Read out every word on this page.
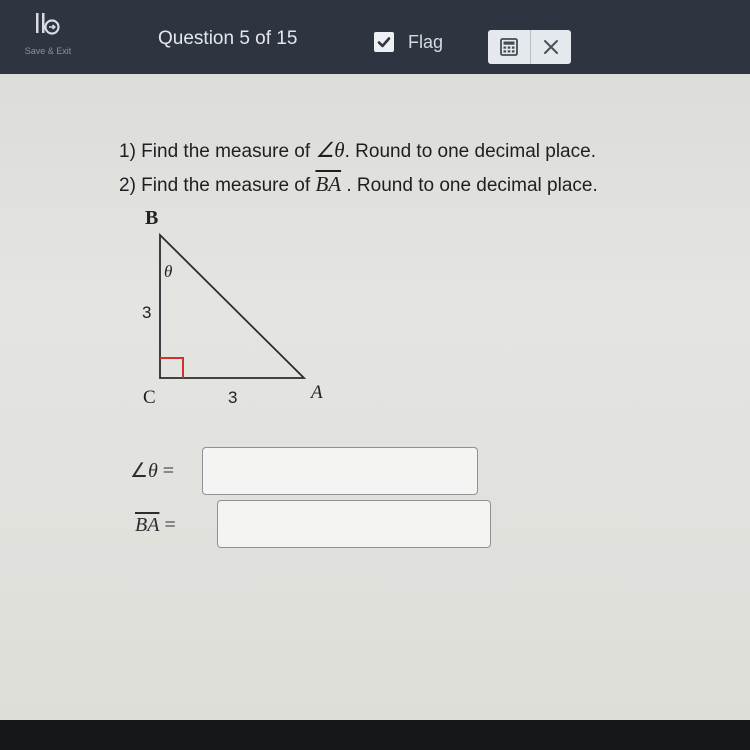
Save & Exit
Question 5 of 15	Flag
1) Find the measure of ∠θ. Round to one decimal place.
2) Find the measure of $\overline{BA}$ . Round to one decimal place.
B
θ
3
C	3	A
∠θ =
$\overline{BA}$ =
